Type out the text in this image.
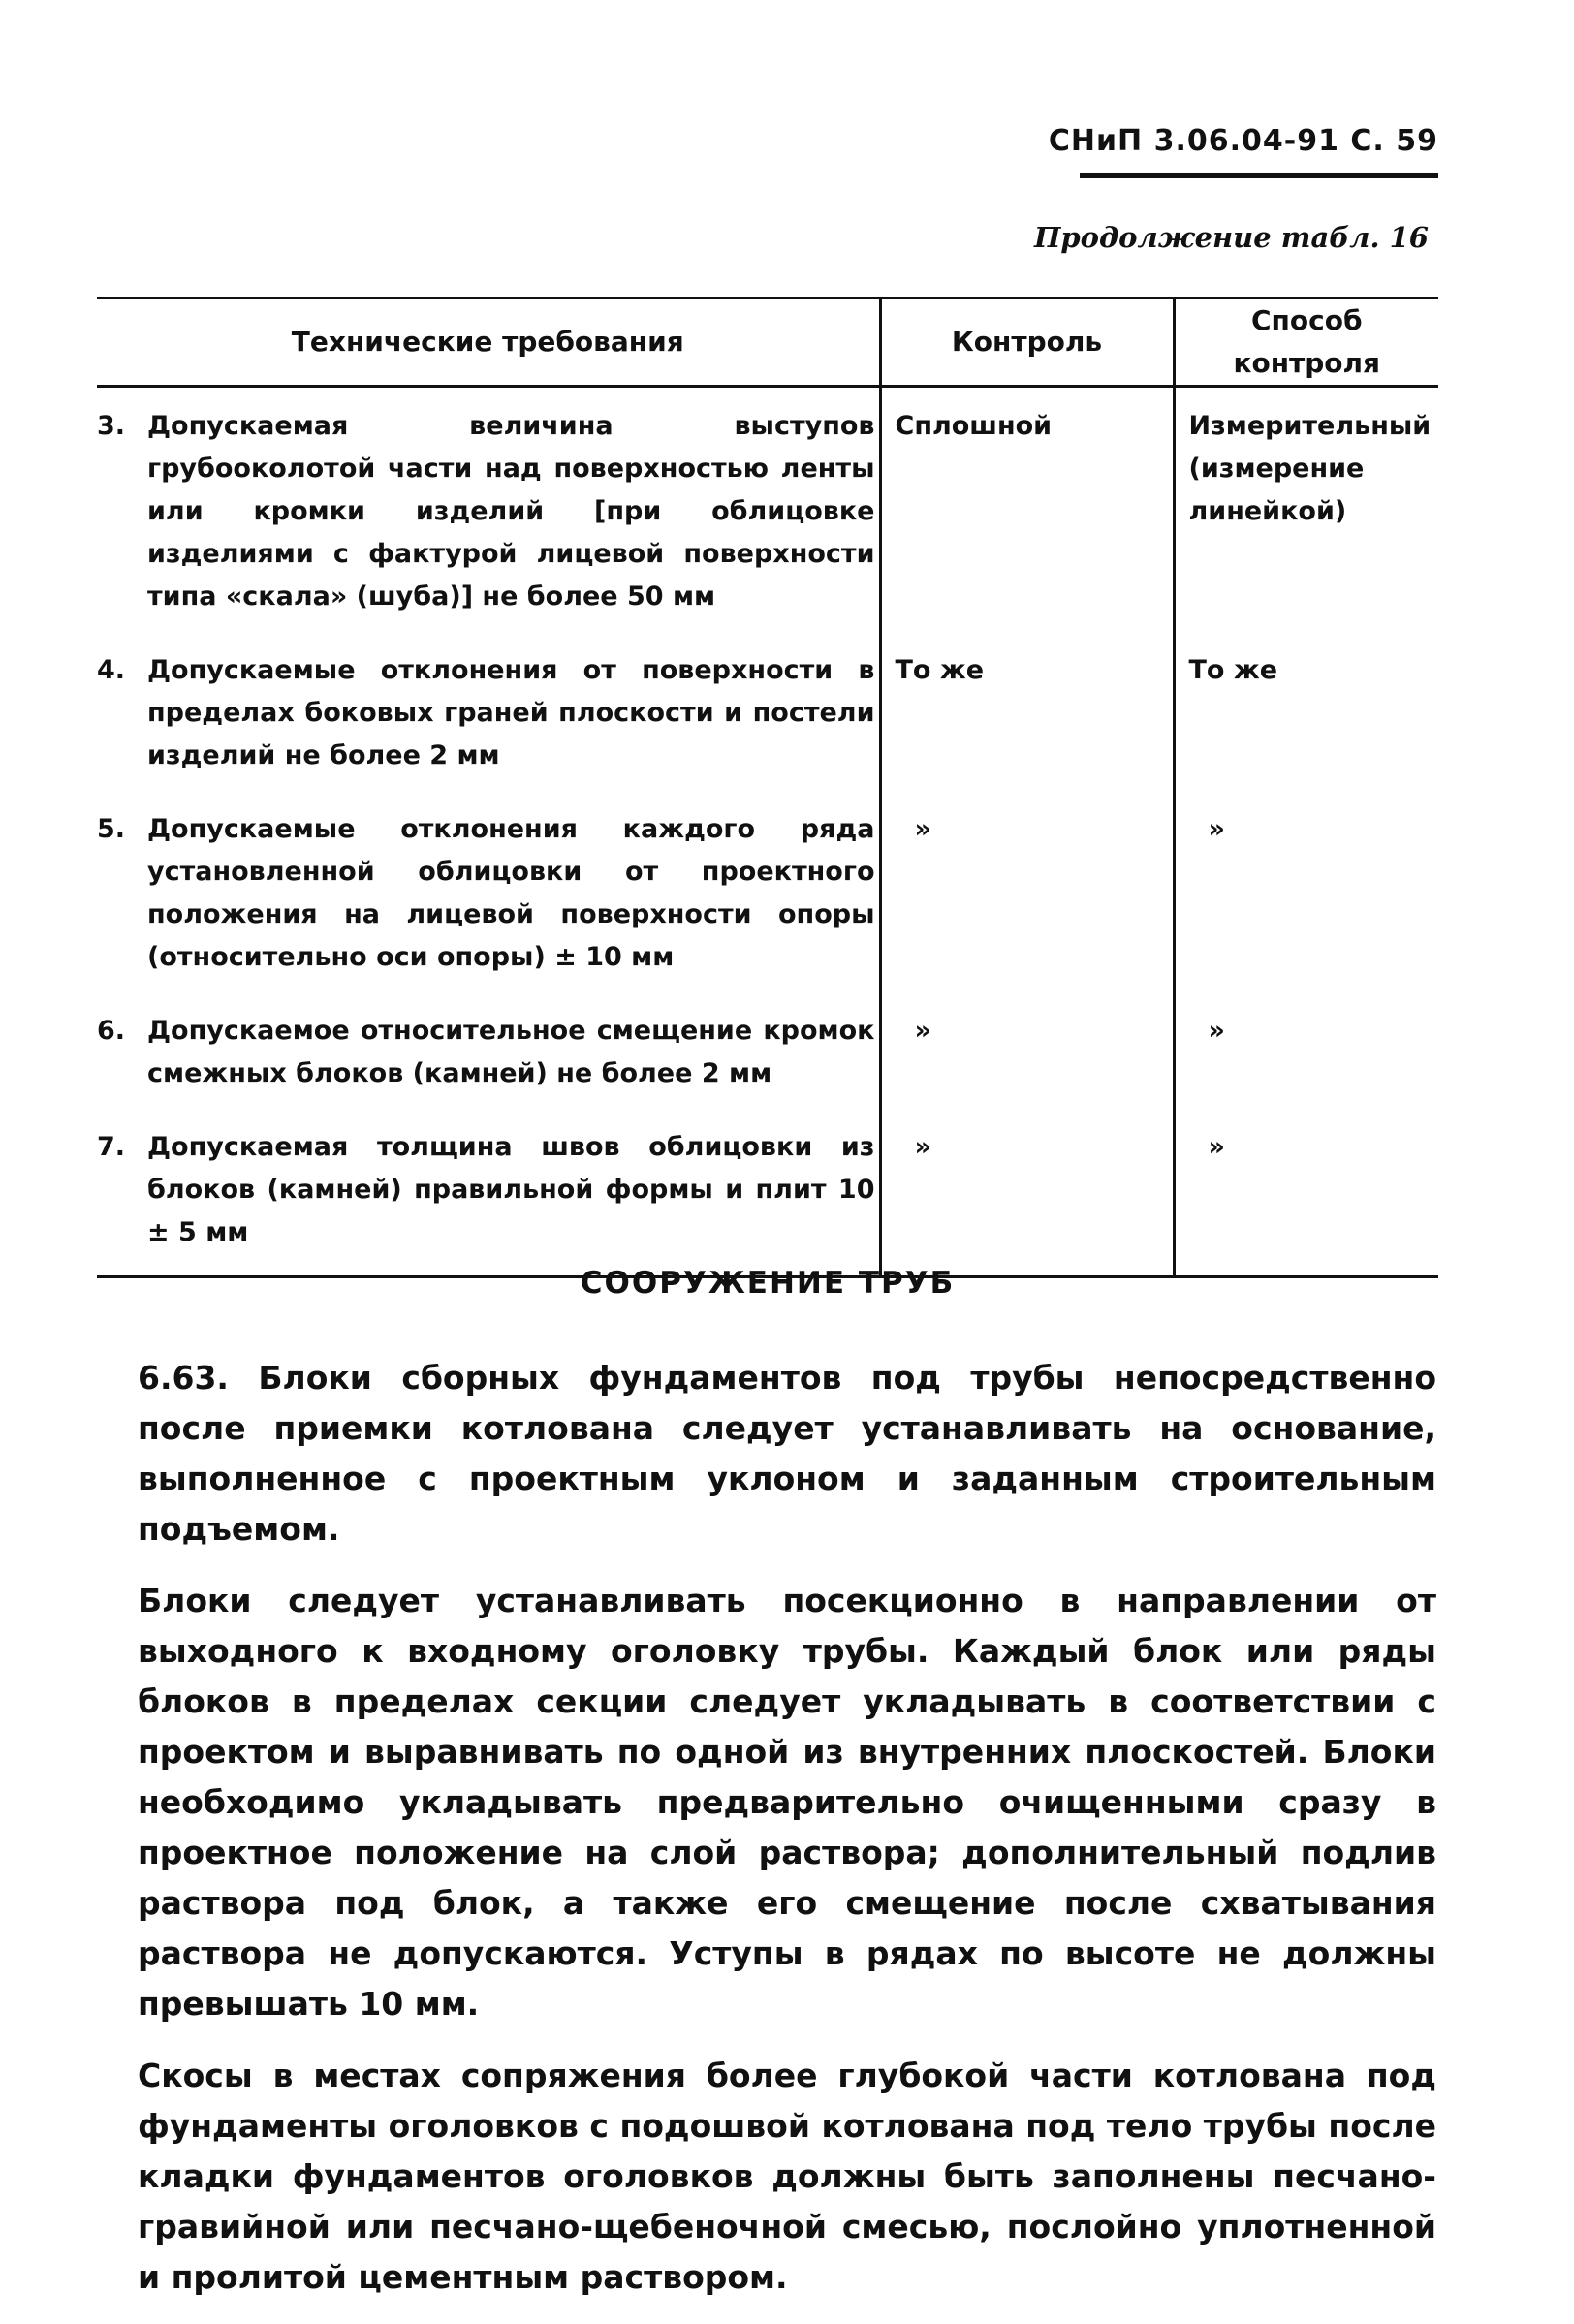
СНиП 3.06.04-91 С. 59
Продолжение табл. 16
Технические требования	Контроль	Способ контроля

3. Допускаемая величина выступов грубооколотой части над поверхностью ленты или кромки изделий [при облицовке изделиями с фактурой лицевой поверхности типа «скала» (шуба)] не более 50 мм	Сплошной	Измерительный (измерение линейкой)

4. Допускаемые отклонения от поверхности в пределах боковых граней плоскости и постели изделий не более 2 мм	То же	То же

5. Допускаемые отклонения каждого ряда установленной облицовки от проектного положения на лицевой поверхности опоры (относительно оси опоры) ± 10 мм	»	»

6. Допускаемое относительное смещение кромок смежных блоков (камней) не более 2 мм	»	»

7. Допускаемая толщина швов облицовки из блоков (камней) правильной формы и плит 10 ± 5 мм	»	»
СООРУЖЕНИЕ ТРУБ

6.63. Блоки сборных фундаментов под трубы непосредственно после приемки котлована следует устанавливать на основание, выполненное с проектным уклоном и заданным строительным подъемом.

Блоки следует устанавливать посекционно в направлении от выходного к входному оголовку трубы. Каждый блок или ряды блоков в пределах секции следует укладывать в соответствии с проектом и выравнивать по одной из внутренних плоскостей. Блоки необходимо укладывать предварительно очищенными сразу в проектное положение на слой раствора; дополнительный подлив раствора под блок, а также его смещение после схватывания раствора не допускаются. Уступы в рядах по высоте не должны превышать 10 мм.

Скосы в местах сопряжения более глубокой части котлована под фундаменты оголовков с подошвой котлована под тело трубы после кладки фундаментов оголовков должны быть заполнены песчано-гравийной или песчано-щебеночной смесью, послойно уплотненной и пролитой цементным раствором.
